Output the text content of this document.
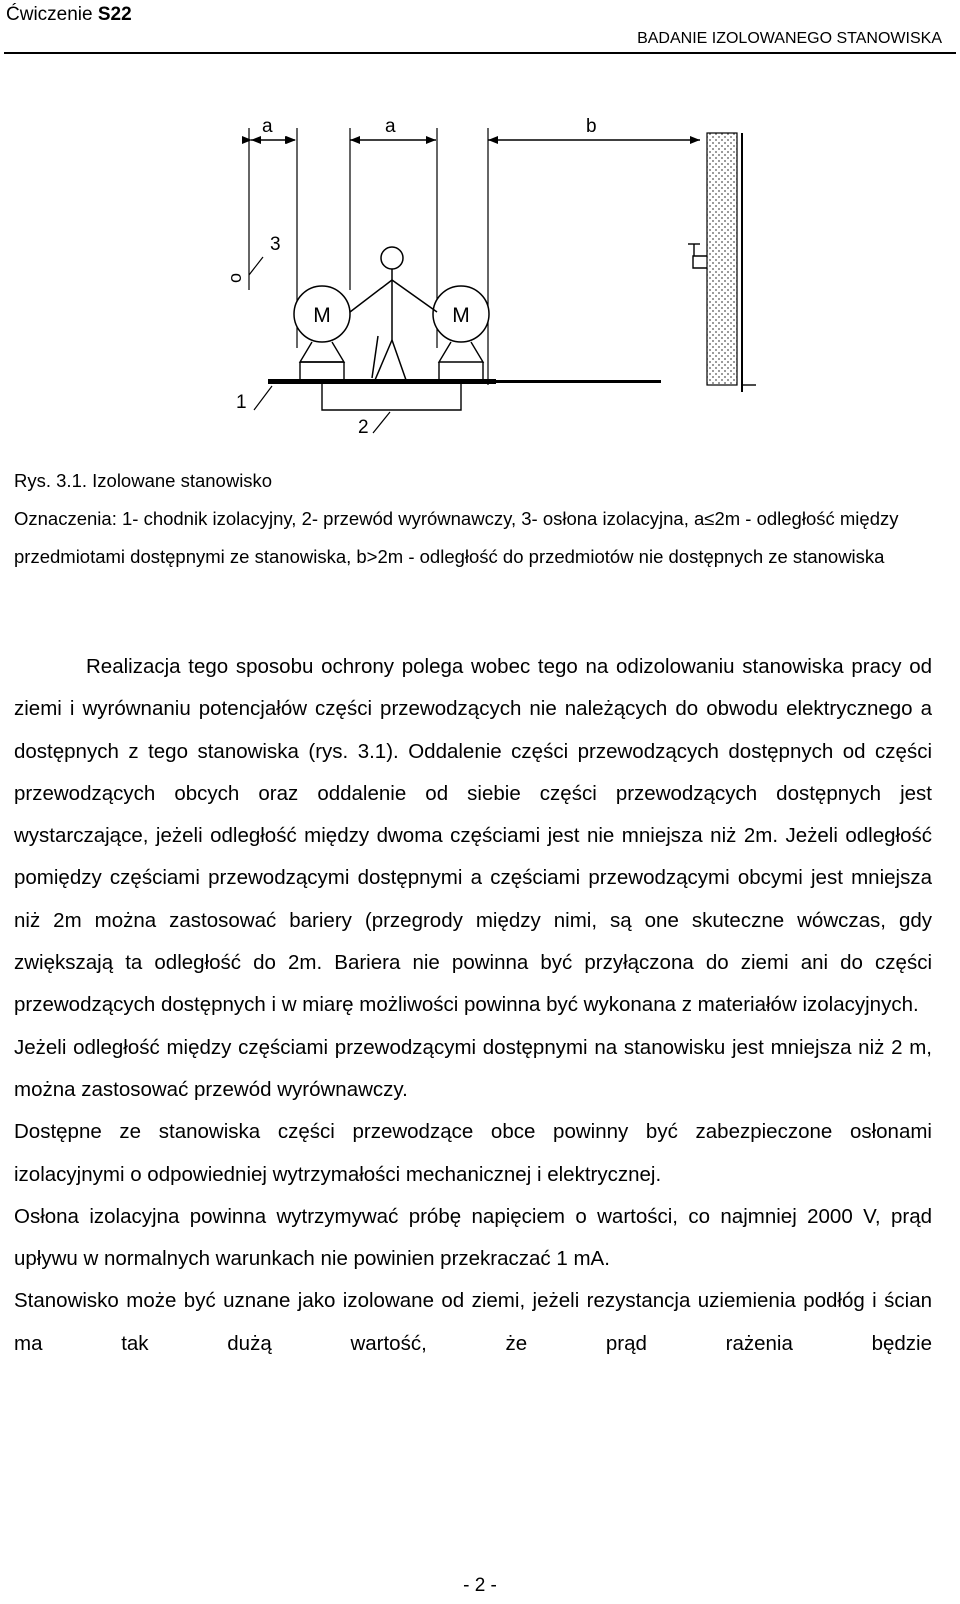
Ćwiczenie S22
BADANIE IZOLOWANEGO STANOWISKA
a	a	b
3
o
M	M
1
2
Rys. 3.1. Izolowane stanowisko
Oznaczenia: 1- chodnik izolacyjny, 2- przewód wyrównawczy, 3- osłona izolacyjna, a≤2m - odległość między przedmiotami dostępnymi ze stanowiska, b>2m - odległość do przedmiotów nie dostępnych ze stanowiska

Realizacja tego sposobu ochrony polega wobec tego na odizolowaniu stanowiska pracy od ziemi i wyrównaniu potencjałów części przewodzących nie należących do obwodu elektrycznego a dostępnych z tego stanowiska (rys. 3.1). Oddalenie części przewodzących dostępnych od części przewodzących obcych oraz oddalenie od siebie części przewodzących dostępnych jest wystarczające, jeżeli odległość między dwoma częściami jest nie mniejsza niż 2m. Jeżeli odległość pomiędzy częściami przewodzącymi dostępnymi a częściami przewodzącymi obcymi jest mniejsza niż 2m można zastosować bariery (przegrody między nimi, są one skuteczne wówczas, gdy zwiększają ta odległość do 2m. Bariera nie powinna być przyłączona do ziemi ani do części przewodzących dostępnych i w miarę możliwości powinna być wykonana z materiałów izolacyjnych.

Jeżeli odległość między częściami przewodzącymi dostępnymi na stanowisku jest mniejsza niż 2 m, można zastosować przewód wyrównawczy.

Dostępne ze stanowiska części przewodzące obce powinny być zabezpieczone osłonami izolacyjnymi o odpowiedniej wytrzymałości mechanicznej i elektrycznej.

Osłona izolacyjna powinna wytrzymywać próbę napięciem o wartości, co najmniej 2000 V, prąd upływu w normalnych warunkach nie powinien przekraczać 1 mA.

Stanowisko może być uznane jako izolowane od ziemi, jeżeli rezystancja uziemienia podłóg i ścian ma tak dużą wartość, że prąd rażenia będzie

- 2 -
